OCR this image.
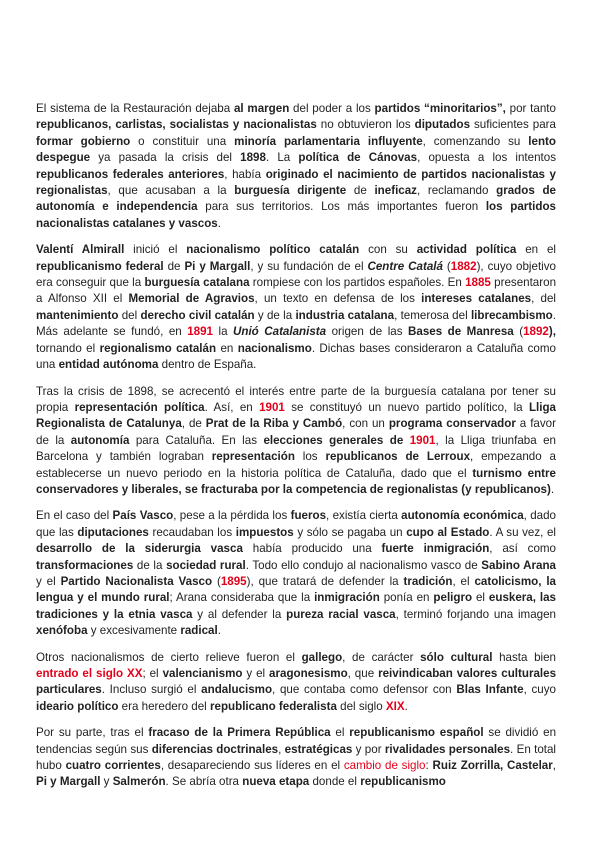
El sistema de la Restauración dejaba al margen del poder a los partidos “minoritarios”, por tanto republicanos, carlistas, socialistas y nacionalistas no obtuvieron los diputados suficientes para formar gobierno o constituir una minoría parlamentaria influyente, comenzando su lento despegue ya pasada la crisis del 1898. La política de Cánovas, opuesta a los intentos republicanos federales anteriores, había originado el nacimiento de partidos nacionalistas y regionalistas, que acusaban a la burguesía dirigente de ineficaz, reclamando grados de autonomía e independencia para sus territorios. Los más importantes fueron los partidos nacionalistas catalanes y vascos.

Valentí Almirall inició el nacionalismo político catalán con su actividad política en el republicanismo federal de Pi y Margall, y su fundación de el Centre Catalá (1882), cuyo objetivo era conseguir que la burguesía catalana rompiese con los partidos españoles. En 1885 presentaron a Alfonso XII el Memorial de Agravios, un texto en defensa de los intereses catalanes, del mantenimiento del derecho civil catalán y de la industria catalana, temerosa del librecambismo. Más adelante se fundó, en 1891 la Unió Catalanista origen de las Bases de Manresa (1892), tornando el regionalismo catalán en nacionalismo. Dichas bases consideraron a Cataluña como una entidad autónoma dentro de España.

Tras la crisis de 1898, se acrecentó el interés entre parte de la burguesía catalana por tener su propia representación política. Así, en 1901 se constituyó un nuevo partido político, la Lliga Regionalista de Catalunya, de Prat de la Riba y Cambó, con un programa conservador a favor de la autonomía para Cataluña. En las elecciones generales de 1901, la Lliga triunfaba en Barcelona y también lograban representación los republicanos de Lerroux, empezando a establecerse un nuevo periodo en la historia política de Cataluña, dado que el turnismo entre conservadores y liberales, se fracturaba por la competencia de regionalistas (y republicanos).

En el caso del País Vasco, pese a la pérdida los fueros, existía cierta autonomía económica, dado que las diputaciones recaudaban los impuestos y sólo se pagaba un cupo al Estado. A su vez, el desarrollo de la siderurgia vasca había producido una fuerte inmigración, así como transformaciones de la sociedad rural. Todo ello condujo al nacionalismo vasco de Sabino Arana y el Partido Nacionalista Vasco (1895), que tratará de defender la tradición, el catolicismo, la lengua y el mundo rural; Arana consideraba que la inmigración ponía en peligro el euskera, las tradiciones y la etnia vasca y al defender la pureza racial vasca, terminó forjando una imagen xenófoba y excesivamente radical.

Otros nacionalismos de cierto relieve fueron el gallego, de carácter sólo cultural hasta bien entrado el siglo XX; el valencianismo y el aragonesismo, que reivindicaban valores culturales particulares. Incluso surgió el andalucismo, que contaba como defensor con Blas Infante, cuyo ideario político era heredero del republicano federalista del siglo XIX.

Por su parte, tras el fracaso de la Primera República el republicanismo español se dividió en tendencias según sus diferencias doctrinales, estratégicas y por rivalidades personales. En total hubo cuatro corrientes, desapareciendo sus líderes en el cambio de siglo: Ruiz Zorrilla, Castelar, Pi y Margall y Salmerón. Se abría otra nueva etapa donde el republicanismo
